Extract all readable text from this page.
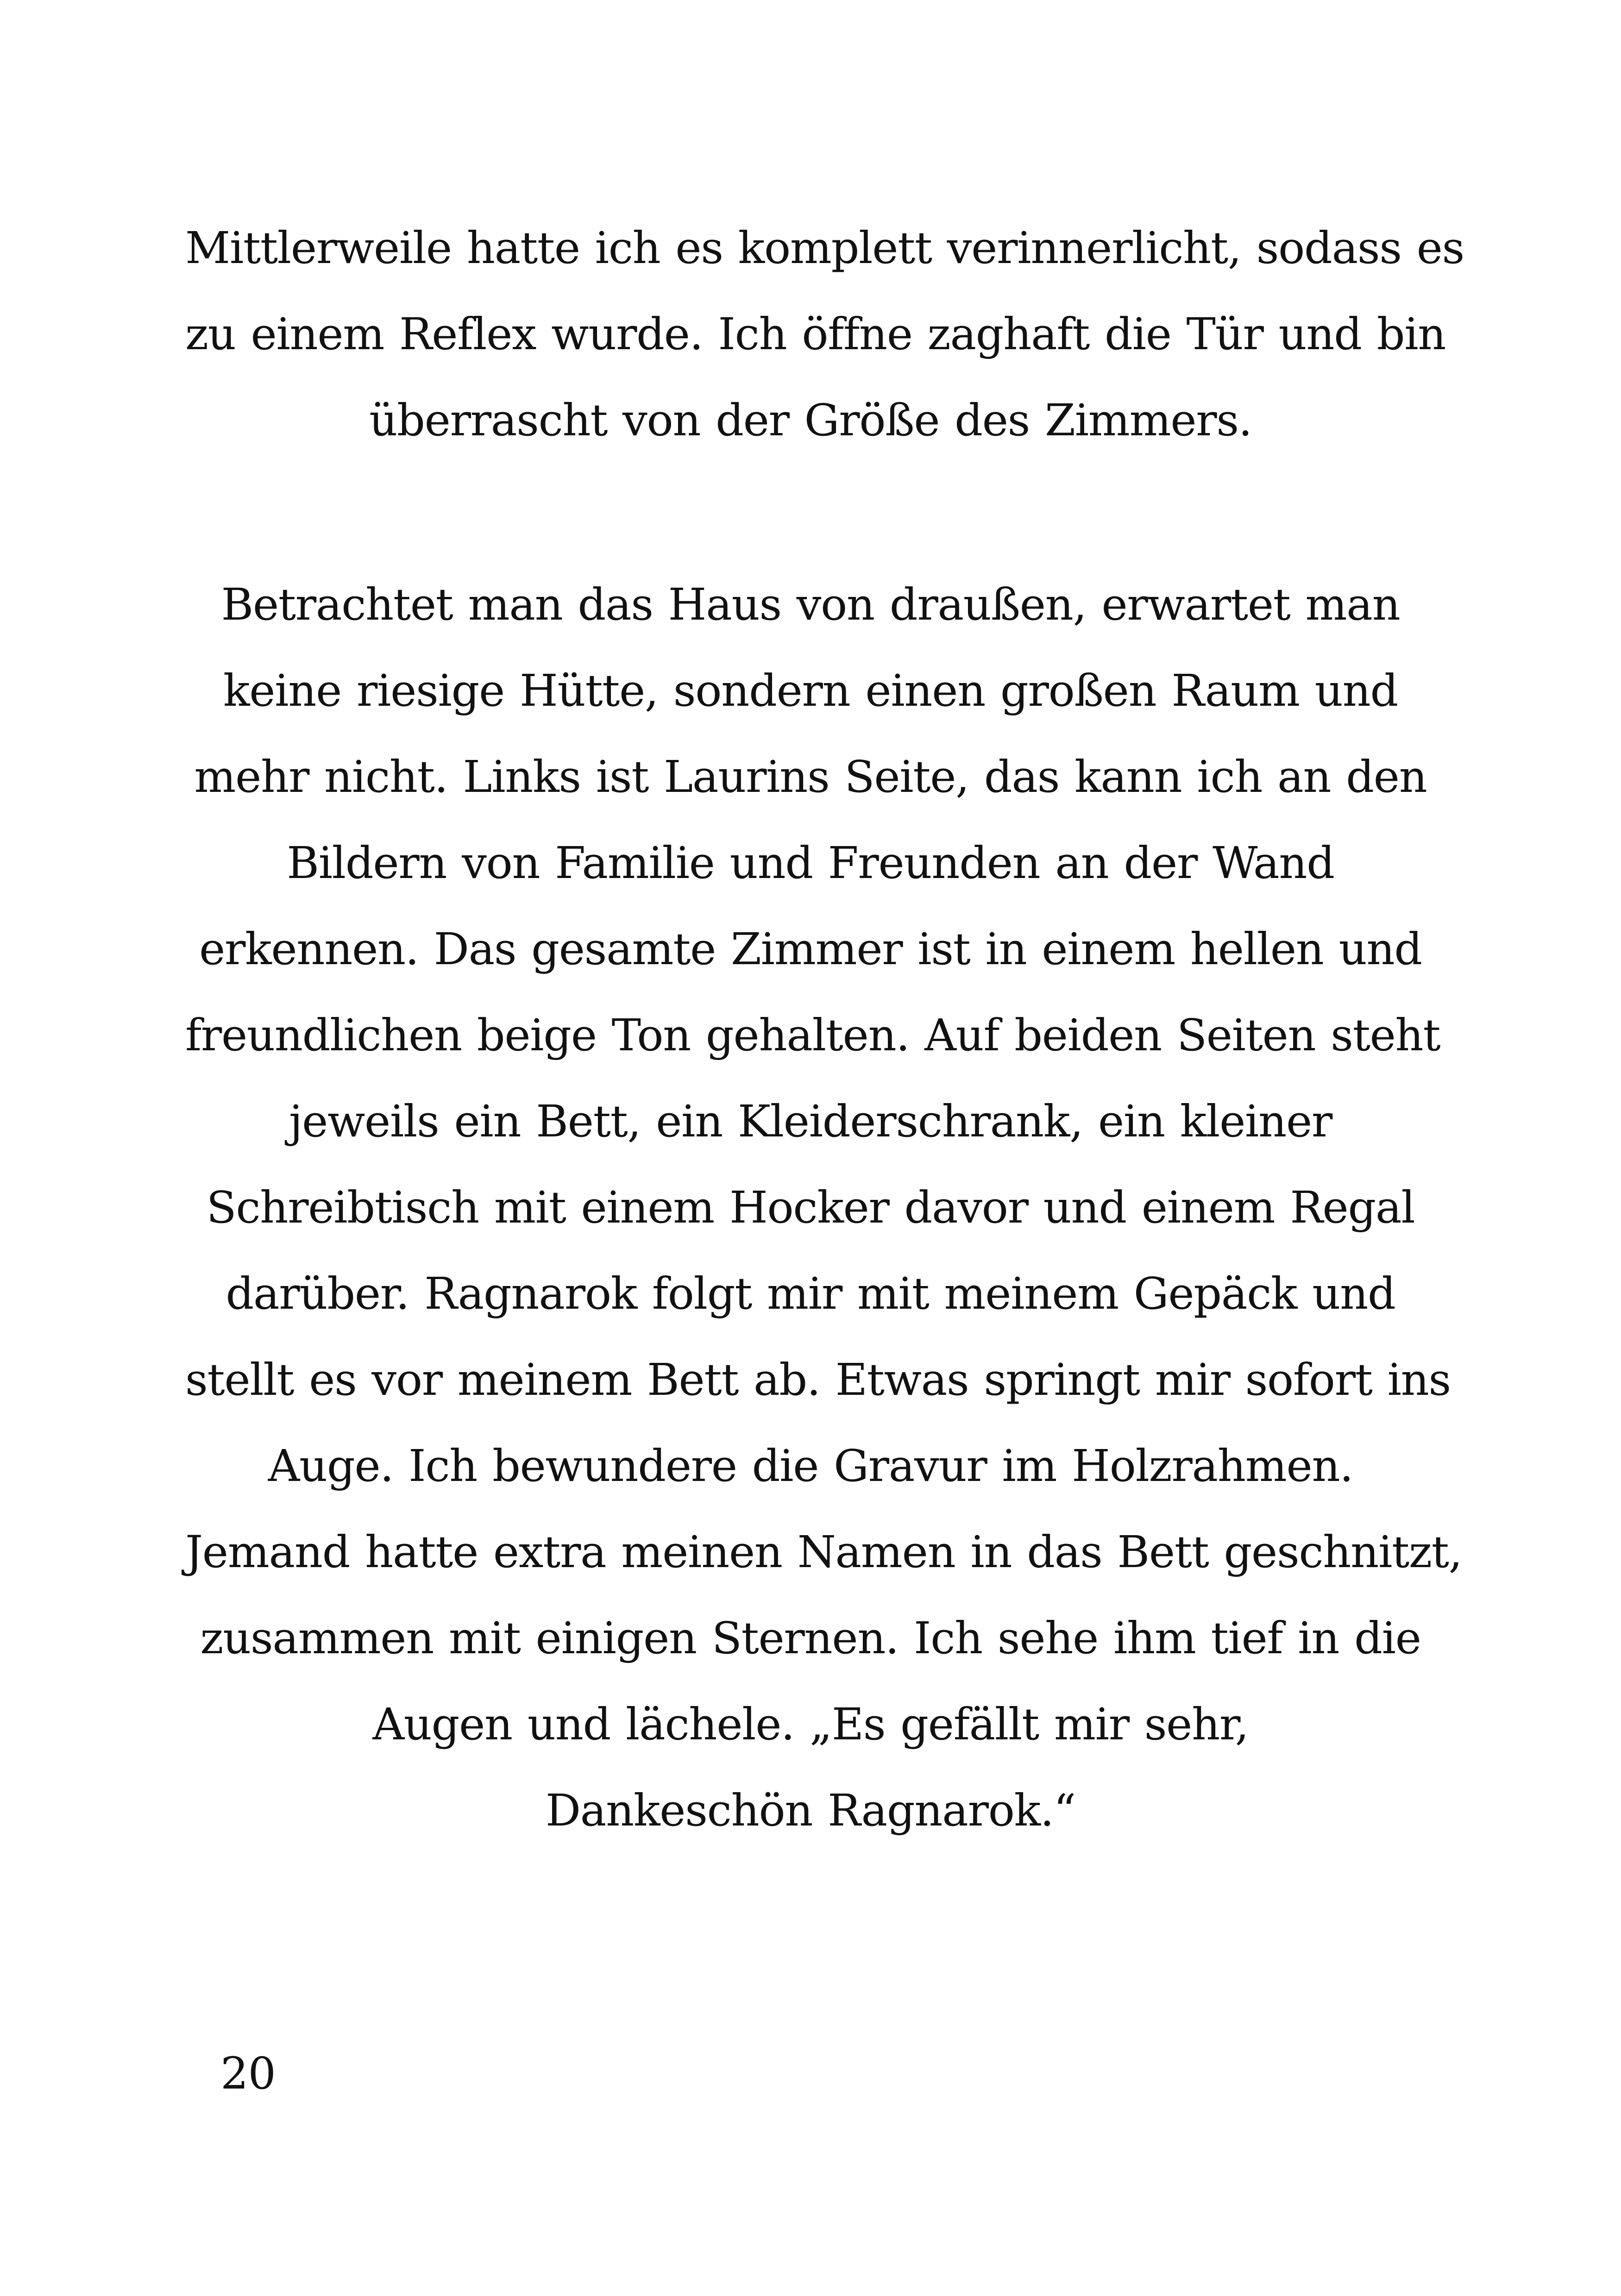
Mittlerweile hatte ich es komplett verinnerlicht, sodass es
zu einem Reflex wurde. Ich öffne zaghaft die Tür und bin
überrascht von der Größe des Zimmers.
Betrachtet man das Haus von draußen, erwartet man
keine riesige Hütte, sondern einen großen Raum und
mehr nicht. Links ist Laurins Seite, das kann ich an den
Bildern von Familie und Freunden an der Wand
erkennen. Das gesamte Zimmer ist in einem hellen und
freundlichen beige Ton gehalten. Auf beiden Seiten steht
jeweils ein Bett, ein Kleiderschrank, ein kleiner
Schreibtisch mit einem Hocker davor und einem Regal
darüber. Ragnarok folgt mir mit meinem Gepäck und
stellt es vor meinem Bett ab. Etwas springt mir sofort ins
Auge. Ich bewundere die Gravur im Holzrahmen.
Jemand hatte extra meinen Namen in das Bett geschnitzt,
zusammen mit einigen Sternen. Ich sehe ihm tief in die
Augen und lächele. „Es gefällt mir sehr,
Dankeschön Ragnarok.“
20
